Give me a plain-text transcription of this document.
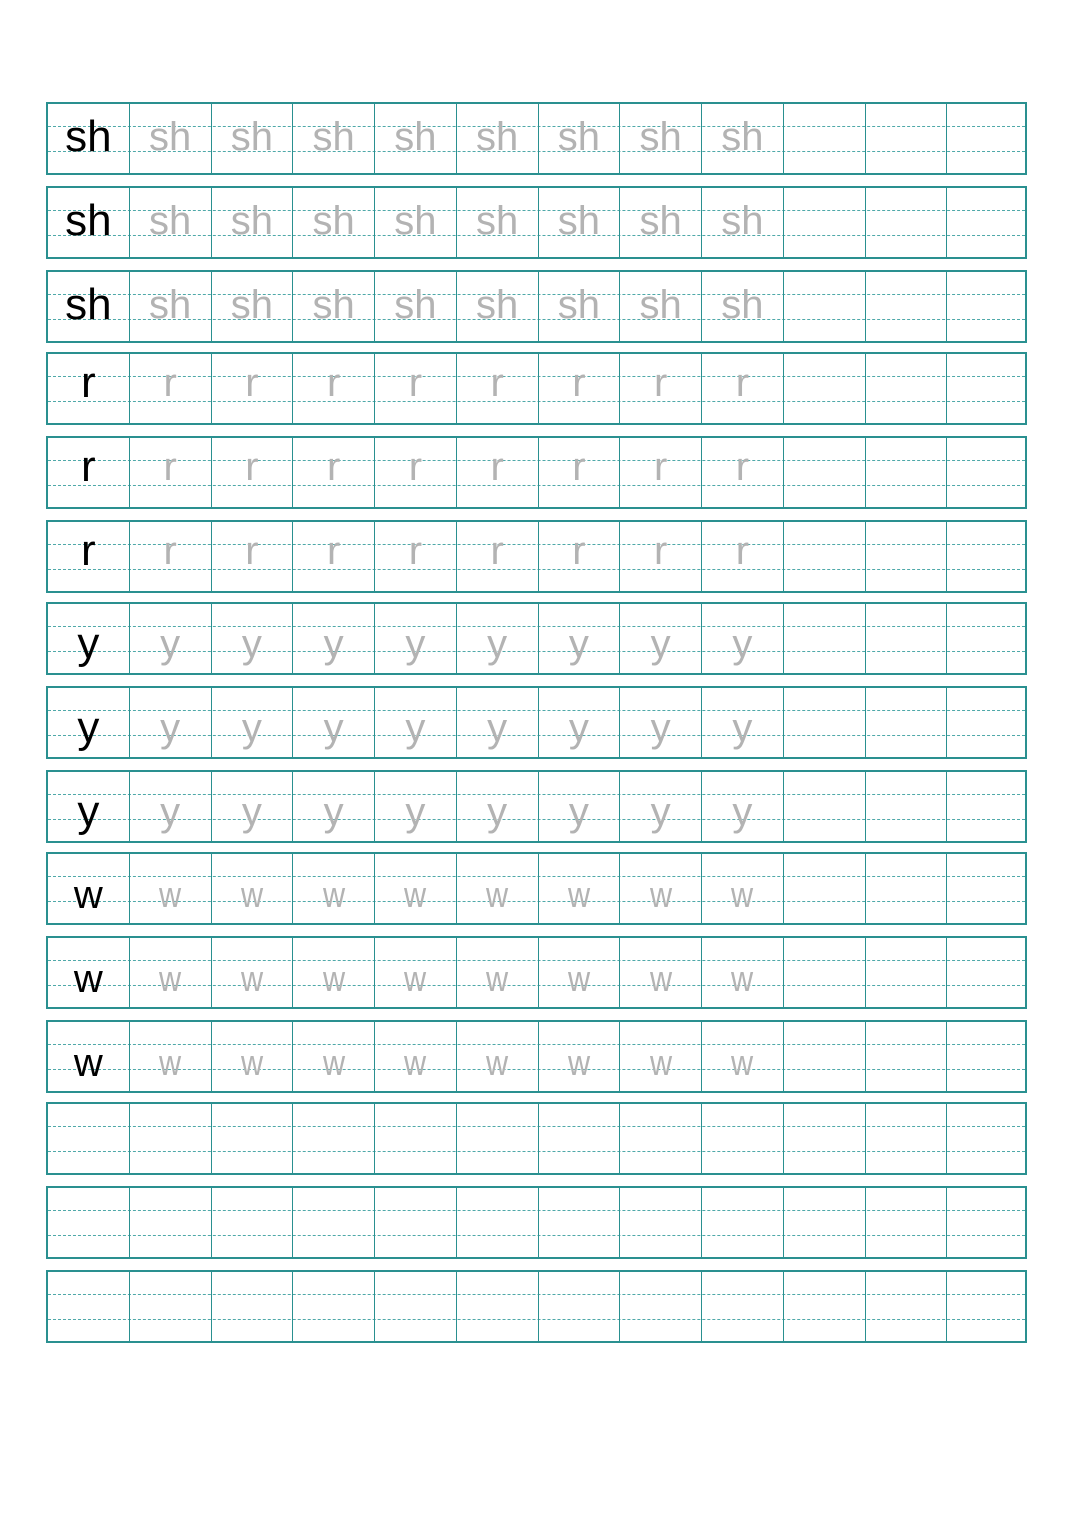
sh sh sh sh sh sh sh sh sh
sh sh sh sh sh sh sh sh sh
sh sh sh sh sh sh sh sh sh
r r r r r r r r r
r r r r r r r r r
r r r r r r r r r
y y y y y y y y y
y y y y y y y y y
y y y y y y y y y
w w w w w w w w w
w w w w w w w w w
w w w w w w w w w
